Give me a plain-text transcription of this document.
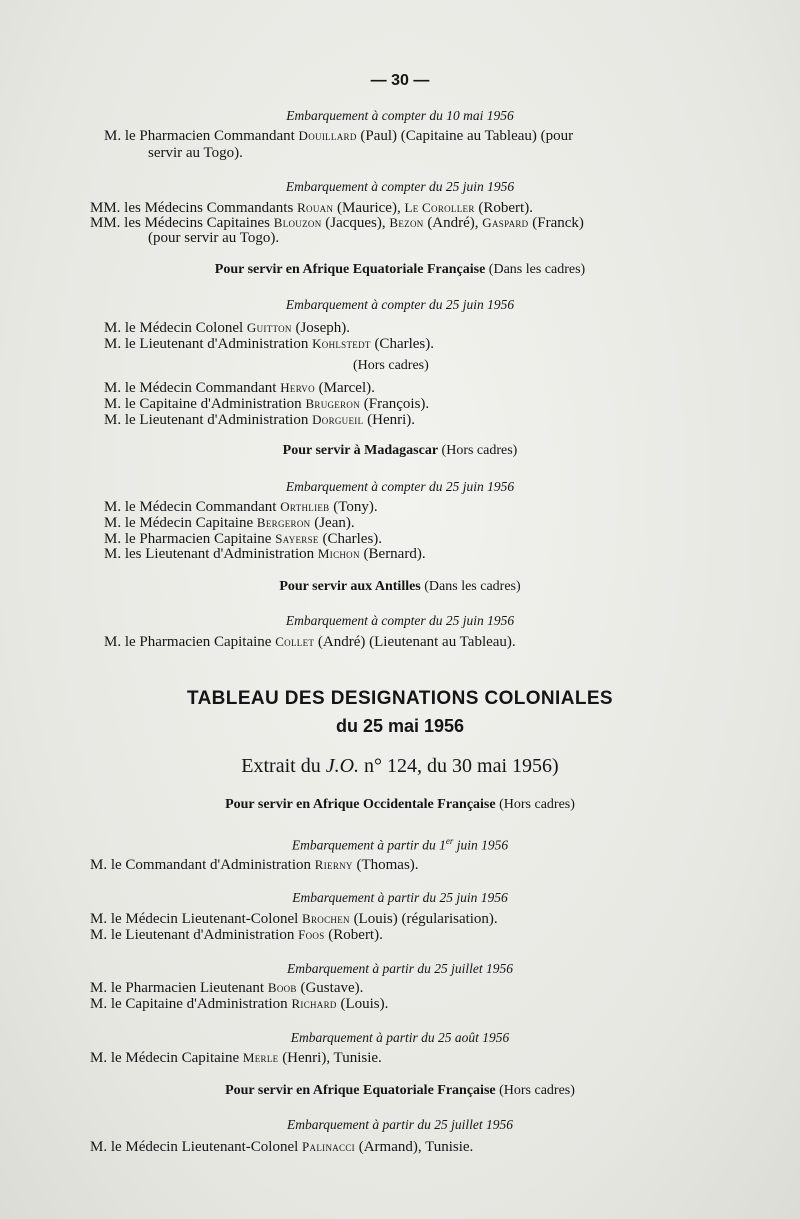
— 30 —
Embarquement à compter du 10 mai 1956
M. le Pharmacien Commandant Douillard (Paul) (Capitaine au Tableau) (pour
servir au Togo).
Embarquement à compter du 25 juin 1956
MM. les Médecins Commandants Rouan (Maurice), Le Coroller (Robert).
MM. les Médecins Capitaines Blouzon (Jacques), Bezon (André), Gaspard (Franck)
(pour servir au Togo).
Pour servir en Afrique Equatoriale Française (Dans les cadres)
Embarquement à compter du 25 juin 1956
M. le Médecin Colonel Guitton (Joseph).
M. le Lieutenant d'Administration Kohlstedt (Charles).
(Hors cadres)
M. le Médecin Commandant Hervo (Marcel).
M. le Capitaine d'Administration Brugeron (François).
M. le Lieutenant d'Administration Dorgueil (Henri).
Pour servir à Madagascar (Hors cadres)
Embarquement à compter du 25 juin 1956
M. le Médecin Commandant Orthlieb (Tony).
M. le Médecin Capitaine Bergeron (Jean).
M. le Pharmacien Capitaine Sayerse (Charles).
M. les Lieutenant d'Administration Michon (Bernard).
Pour servir aux Antilles (Dans les cadres)
Embarquement à compter du 25 juin 1956
M. le Pharmacien Capitaine Collet (André) (Lieutenant au Tableau).
TABLEAU DES DESIGNATIONS COLONIALES
du 25 mai 1956
Extrait du J.O. n° 124, du 30 mai 1956)
Pour servir en Afrique Occidentale Française (Hors cadres)
Embarquement à partir du 1er juin 1956
M. le Commandant d'Administration Rierny (Thomas).
Embarquement à partir du 25 juin 1956
M. le Médecin Lieutenant-Colonel Brochen (Louis) (régularisation).
M. le Lieutenant d'Administration Foos (Robert).
Embarquement à partir du 25 juillet 1956
M. le Pharmacien Lieutenant Boob (Gustave).
M. le Capitaine d'Administration Richard (Louis).
Embarquement à partir du 25 août 1956
M. le Médecin Capitaine Merle (Henri), Tunisie.
Pour servir en Afrique Equatoriale Française (Hors cadres)
Embarquement à partir du 25 juillet 1956
M. le Médecin Lieutenant-Colonel Palinacci (Armand), Tunisie.
